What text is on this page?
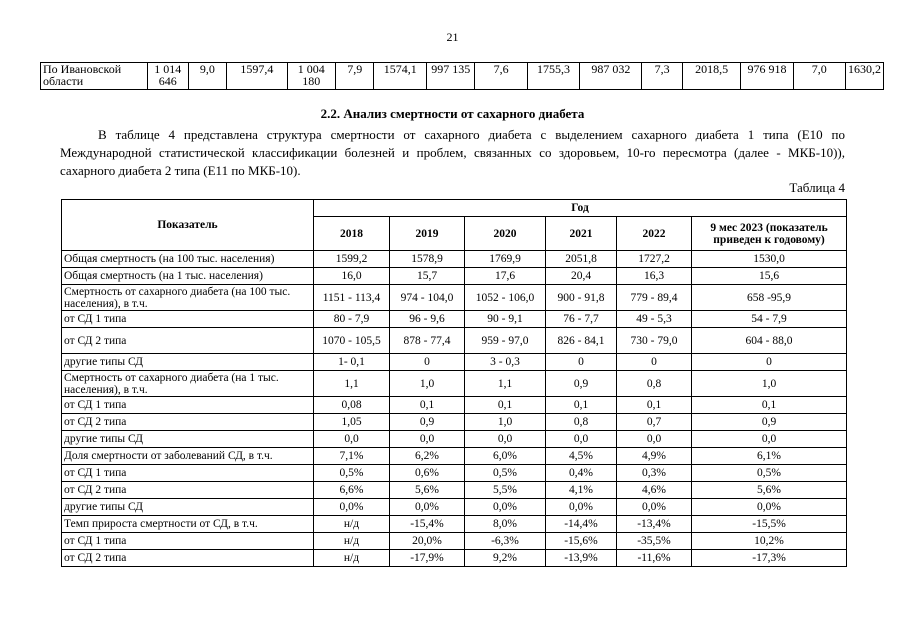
21
По Ивановской области	1 014 646	9,0	1597,4	1 004 180	7,9	1574,1	997 135	7,6	1755,3	987 032	7,3	2018,5	976 918	7,0	1630,2
2.2. Анализ смертности от сахарного диабета
В таблице 4 представлена структура смертности от сахарного диабета с выделением сахарного диабета 1 типа (Е10 по Международной статистической классификации болезней и проблем, связанных со здоровьем, 10-го пересмотра (далее - МКБ-10)), сахарного диабета 2 типа (Е11 по МКБ-10).
Таблица 4
Показатель	Год					
	2018	2019	2020	2021	2022	9 мес 2023 (показатель приведен к годовому)
Общая смертность (на 100 тыс. населения)	1599,2	1578,9	1769,9	2051,8	1727,2	1530,0
Общая смертность (на 1 тыс. населения)	16,0	15,7	17,6	20,4	16,3	15,6
Смертность от сахарного диабета (на 100 тыс. населения), в т.ч.	1151 - 113,4	974 - 104,0	1052 - 106,0	900 - 91,8	779 - 89,4	658 -95,9
от СД 1 типа	80 - 7,9	96 - 9,6	90 - 9,1	76 - 7,7	49 - 5,3	54 - 7,9
от СД 2 типа	1070 - 105,5	878 - 77,4	959 - 97,0	826 - 84,1	730 - 79,0	604 - 88,0
другие типы СД	1- 0,1	0	3 - 0,3	0	0	0
Смертность от сахарного диабета (на 1 тыс. населения), в т.ч.	1,1	1,0	1,1	0,9	0,8	1,0
от СД 1 типа	0,08	0,1	0,1	0,1	0,1	0,1
от СД 2 типа	1,05	0,9	1,0	0,8	0,7	0,9
другие типы СД	0,0	0,0	0,0	0,0	0,0	0,0
Доля смертности от заболеваний СД, в т.ч.	7,1%	6,2%	6,0%	4,5%	4,9%	6,1%
от СД 1 типа	0,5%	0,6%	0,5%	0,4%	0,3%	0,5%
от СД 2 типа	6,6%	5,6%	5,5%	4,1%	4,6%	5,6%
другие типы СД	0,0%	0,0%	0,0%	0,0%	0,0%	0,0%
Темп прироста смертности от СД, в т.ч.	н/д	-15,4%	8,0%	-14,4%	-13,4%	-15,5%
от СД 1 типа	н/д	20,0%	-6,3%	-15,6%	-35,5%	10,2%
от СД 2 типа	н/д	-17,9%	9,2%	-13,9%	-11,6%	-17,3%
